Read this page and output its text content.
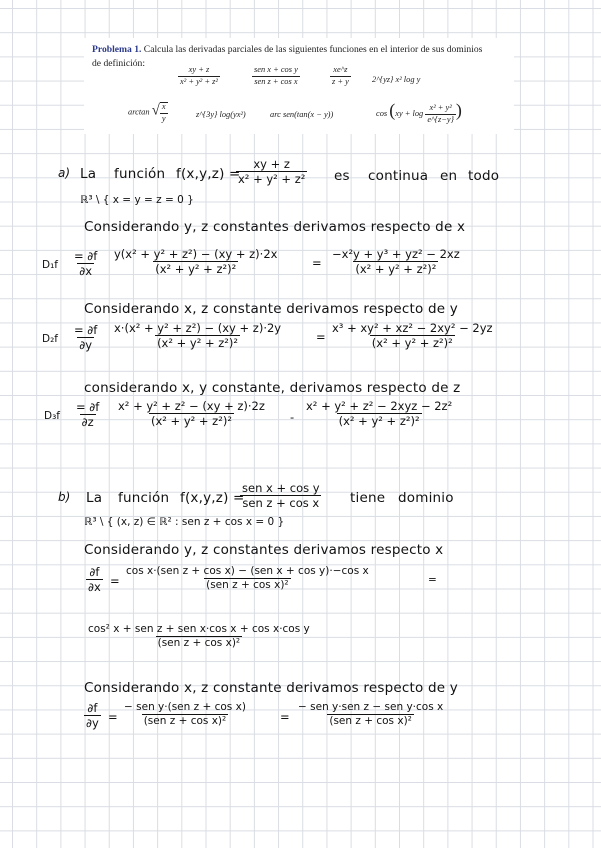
Problema 1. Calcula las derivadas parciales de las siguientes funciones en el interior de sus dominios
de definición:
$\frac{xy + z}{\text{x² + y² + z²}}$	$\frac{\text{sen x + cos y}}{\text{sen z + cos x}}$	$\frac{xe\^{}z}{z + y}$	2^{yz} x² log y
arctan √ $\frac{x}{y}$	z^{3y} log(yx²)	arc sen(tan(x − y))	$\cos (xy + \log \frac{\text{x² + y²}}{e\^{}\{z-y\}}$ )
a) La función f(x,y,z) =
$\frac{xy + z}{\text{x² + y² + z²}}$ es continua en todo
ℝ³ \ { x = y = z = 0 }
Considerando y, z constantes derivamos respecto de x
$D_1f \frac{= \partial f}{\partial x} \frac{\text{y(x² + y² + z²) − (xy + z)·2x}}{\text{(x² + y² + z²)²}}$	= $\frac{\text{−x²y + y³ + yz² − 2xz}}{\text{(x² + y² + z²)²}}$
Considerando x, z constante derivamos respecto de y
$D_2f \frac{= \partial f}{\partial y} \frac{\text{x·(x² + y² + z²) − (xy + z)·2y}}{\text{(x² + y² + z²)²}}$	= $\frac{\text{x³ + xy² + xz² − 2xy² − 2yz}}{\text{(x² + y² + z²)²}}$
considerando x, y constante, derivamos respecto de z
$D_3f \frac{= \partial f}{\partial z} \frac{\text{x² + y² + z² − (xy + z)·2z}}{\text{(x² + y² + z²)²}} - \frac{\text{x² + y² + z² − 2xyz − 2z²}}{\text{(x² + y² + z²)²}}$
b) La función f(x,y,z) =
$\frac{\text{sen x + cos y}}{\text{sen z + cos x}}$ tiene dominio
ℝ³ \ { (x, z) ∈ ℝ² : sen z + cos x = 0 }
Considerando y, z constantes derivamos respecto x
$\frac{\partial f}{\partial x} = \frac{\text{cos x·(sen z + cos x) − (sen x + cos y)·−cos x}}{\text{(sen z + cos x)²}}$	=
$\frac{\text{cos² x + sen z + sen x·cos x + cos x·cos y}}{\text{(sen z + cos x)²}}$
Considerando x, z constante derivamos respecto de y
$\frac{\partial f}{\partial y} = \frac{\text{− sen y·(sen z + cos x)}}{\text{(sen z + cos x)²}}$	= $\frac{\text{− sen y·sen z − sen y·cos x}}{\text{(sen z + cos x)²}}$
